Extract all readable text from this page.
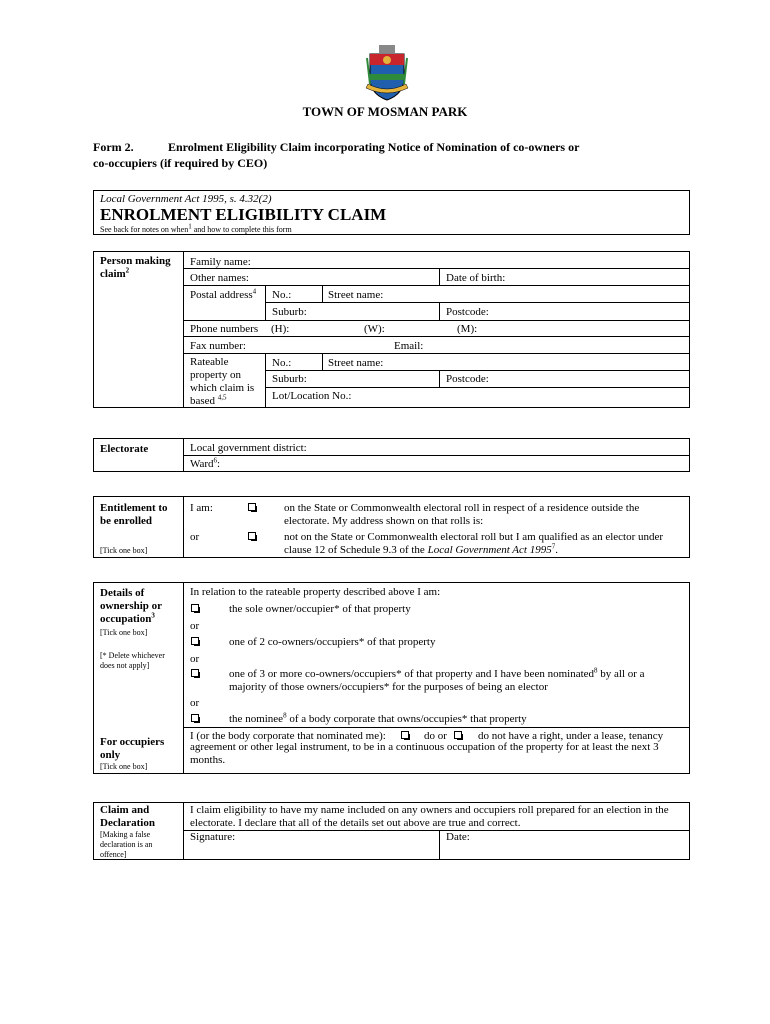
TOWN OF MOSMAN PARK
Form 2.	Enrolment Eligibility Claim incorporating Notice of Nomination of co-owners or
co-occupiers (if required by CEO)
Local Government Act 1995, s. 4.32(2)
ENROLMENT ELIGIBILITY CLAIM
See back for notes on when$^1$ and how to complete this form
Person making claim$^2$
Family name:
Other names:	Date of birth:
Postal address$^4$	No.:	Street name:
Suburb:	Postcode:
Phone numbers (H):	(W):	(M):
Fax number:	Email:
Rateable property on which claim is based $^{4,5}$
No.:	Street name:
Suburb:	Postcode:
Lot/Location No.:
Electorate	Local government district:
Ward$^6$:
Entitlement to be enrolled
[Tick one box]
I am:	on the State or Commonwealth electoral roll in respect of a residence outside the electorate. My address shown on that rolls is:
or	not on the State or Commonwealth electoral roll but I am qualified as an elector under clause 12 of Schedule 9.3 of the Local Government Act 1995$^7$.
Details of ownership or occupation$^3$
[Tick one box]
[* Delete whichever does not apply]
For occupiers only
[Tick one box]
In relation to the rateable property described above I am:
the sole owner/occupier* of that property
or
one of 2 co-owners/occupiers* of that property
or
one of 3 or more co-owners/occupiers* of that property and I have been nominated$^8$ by all or a majority of those owners/occupiers* for the purposes of being an elector
or
the nominee$^8$ of a body corporate that owns/occupies* that property
I (or the body corporate that nominated me):	do or	do not have a right, under a lease, tenancy
agreement or other legal instrument, to be in a continuous occupation of the property for at least the next 3 months.
Claim and Declaration
[Making a false declaration is an offence]
I claim eligibility to have my name included on any owners and occupiers roll prepared for an election in the electorate. I declare that all of the details set out above are true and correct.
Signature:	Date:
